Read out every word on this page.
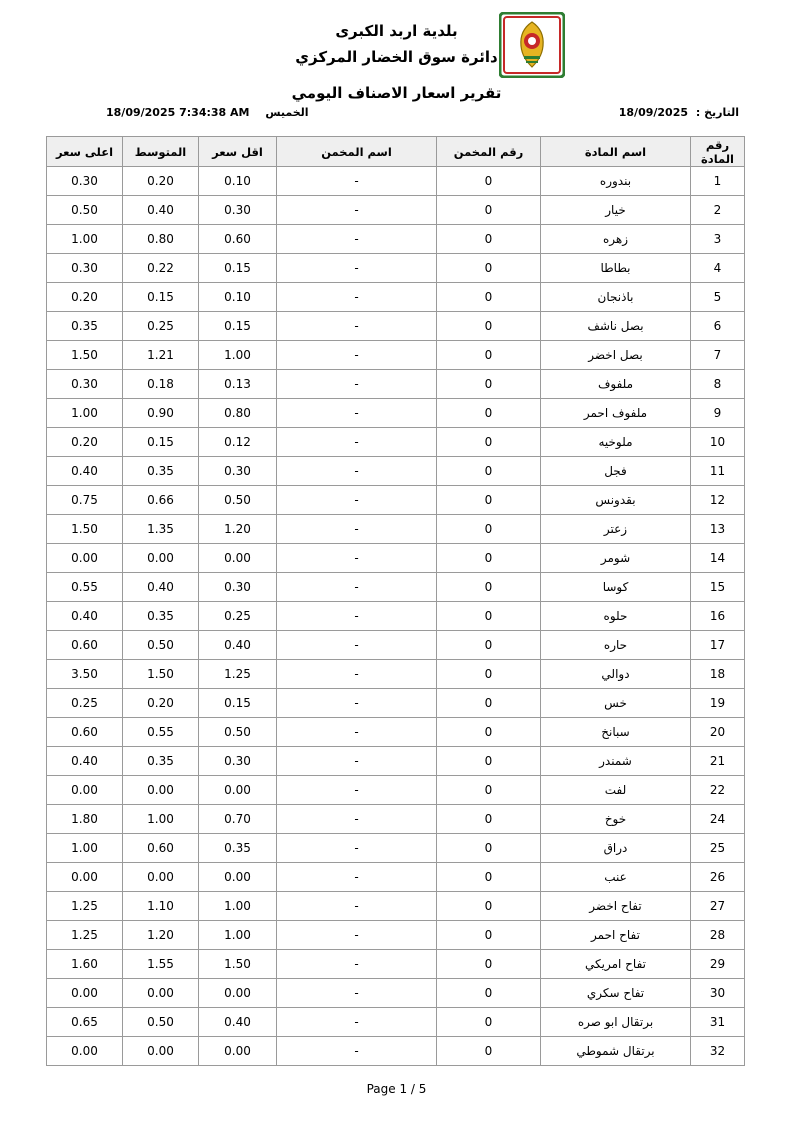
بلدية اربد الكبرى
دائرة سوق الخضار المركزي
تقرير اسعار الاصناف اليومي
التاريخ : 18/09/2025
الخميس 7:34:38 AM 18/09/2025
رقم المادة	اسم المادة	رقم المخمن	اسم المخمن	اقل سعر	المتوسط	اعلى سعر
1	بندوره	0	-	0.10	0.20	0.30
2	خيار	0	-	0.30	0.40	0.50
3	زهره	0	-	0.60	0.80	1.00
4	بطاطا	0	-	0.15	0.22	0.30
5	باذنجان	0	-	0.10	0.15	0.20
6	بصل ناشف	0	-	0.15	0.25	0.35
7	بصل اخضر	0	-	1.00	1.21	1.50
8	ملفوف	0	-	0.13	0.18	0.30
9	ملفوف احمر	0	-	0.80	0.90	1.00
10	ملوخيه	0	-	0.12	0.15	0.20
11	فجل	0	-	0.30	0.35	0.40
12	بقدونس	0	-	0.50	0.66	0.75
13	زعتر	0	-	1.20	1.35	1.50
14	شومر	0	-	0.00	0.00	0.00
15	كوسا	0	-	0.30	0.40	0.55
16	حلوه	0	-	0.25	0.35	0.40
17	حاره	0	-	0.40	0.50	0.60
18	دوالي	0	-	1.25	1.50	3.50
19	خس	0	-	0.15	0.20	0.25
20	سبانخ	0	-	0.50	0.55	0.60
21	شمندر	0	-	0.30	0.35	0.40
22	لفت	0	-	0.00	0.00	0.00
24	خوخ	0	-	0.70	1.00	1.80
25	دراق	0	-	0.35	0.60	1.00
26	عنب	0	-	0.00	0.00	0.00
27	تفاح اخضر	0	-	1.00	1.10	1.25
28	تفاح احمر	0	-	1.00	1.20	1.25
29	تفاح امريكي	0	-	1.50	1.55	1.60
30	تفاح سكري	0	-	0.00	0.00	0.00
31	برتقال ابو صره	0	-	0.40	0.50	0.65
32	برتقال شموطي	0	-	0.00	0.00	0.00
Page 1 / 5
